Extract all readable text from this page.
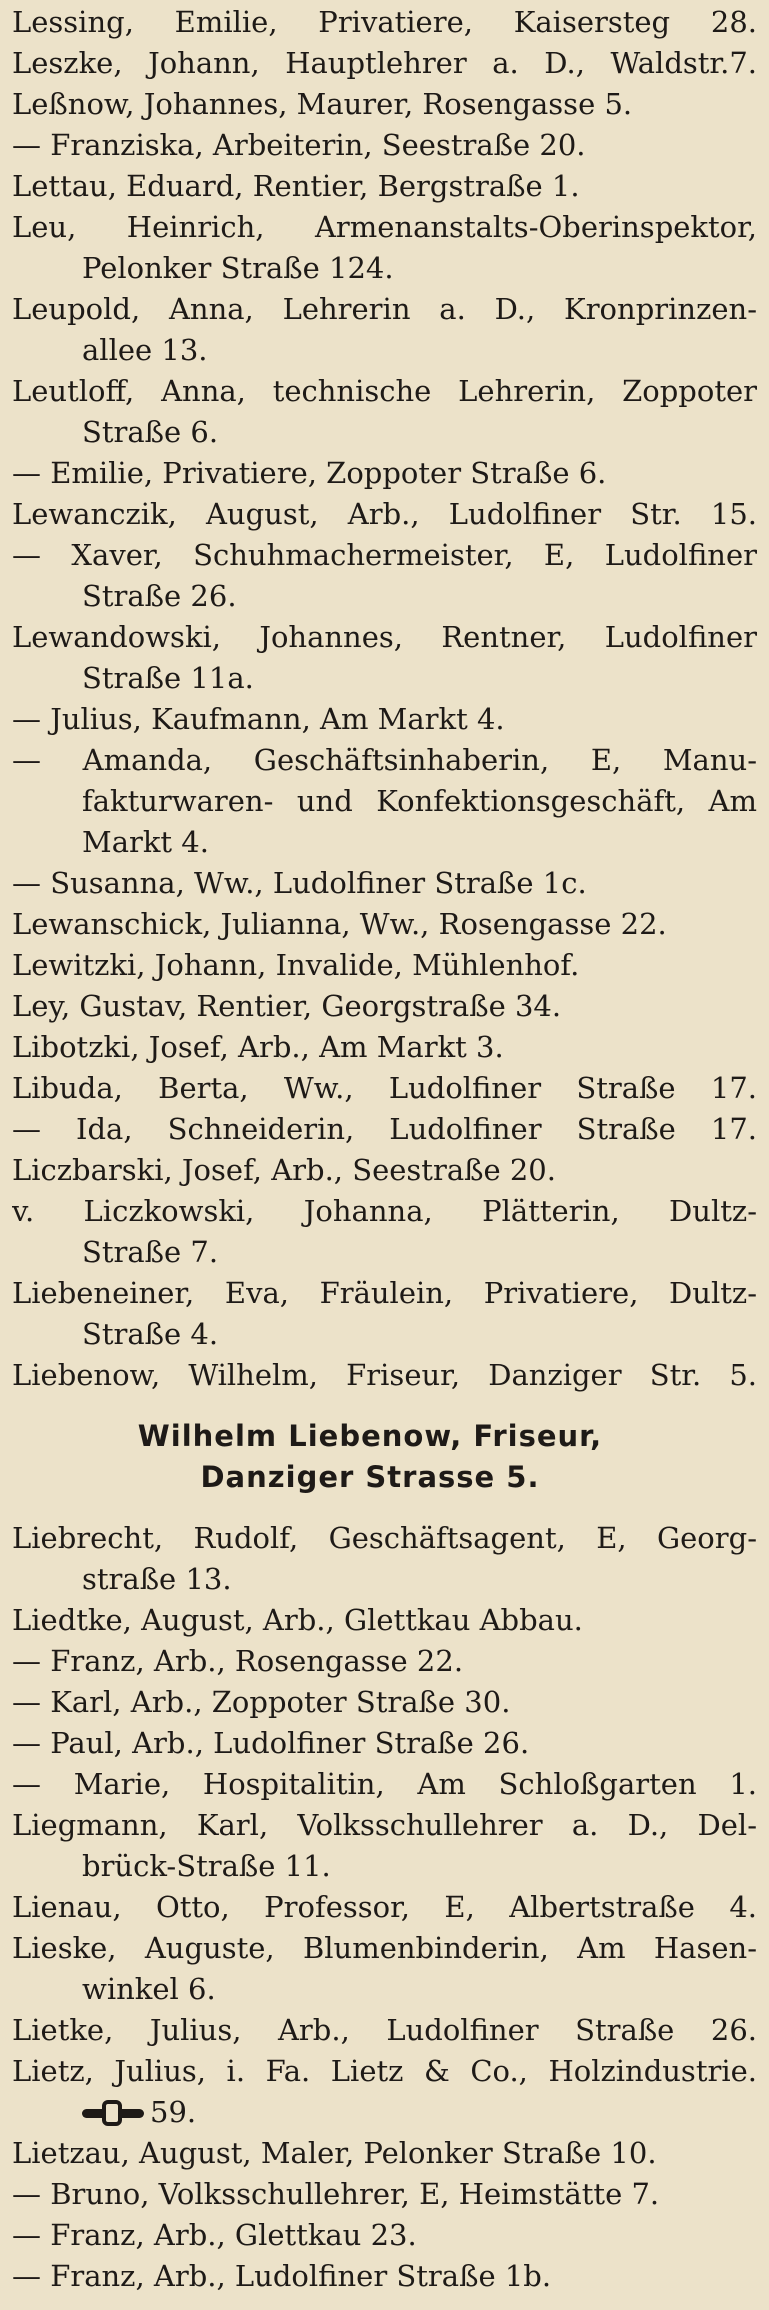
Lessing, Emilie, Privatiere, Kaisersteg 28.
Leszke, Johann, Hauptlehrer a. D., Waldstr.7.
Leßnow, Johannes, Maurer, Rosengasse 5.
— Franziska, Arbeiterin, Seestraße 20.
Lettau, Eduard, Rentier, Bergstraße 1.
Leu, Heinrich, Armenanstalts-Oberinspektor,
Pelonker Straße 124.
Leupold, Anna, Lehrerin a. D., Kronprinzen-
allee 13.
Leutloff, Anna, technische Lehrerin, Zoppoter
Straße 6.
— Emilie, Privatiere, Zoppoter Straße 6.
Lewanczik, August, Arb., Ludolfiner Str. 15.
— Xaver, Schuhmachermeister, E, Ludolfiner
Straße 26.
Lewandowski, Johannes, Rentner, Ludolfiner
Straße 11a.
— Julius, Kaufmann, Am Markt 4.
— Amanda, Geschäftsinhaberin, E, Manu-
fakturwaren- und Konfektionsgeschäft, Am
Markt 4.
— Susanna, Ww., Ludolfiner Straße 1c.
Lewanschick, Julianna, Ww., Rosengasse 22.
Lewitzki, Johann, Invalide, Mühlenhof.
Ley, Gustav, Rentier, Georgstraße 34.
Libotzki, Josef, Arb., Am Markt 3.
Libuda, Berta, Ww., Ludolfiner Straße 17.
— Ida, Schneiderin, Ludolfiner Straße 17.
Liczbarski, Josef, Arb., Seestraße 20.
v. Liczkowski, Johanna, Plätterin, Dultz-
Straße 7.
Liebeneiner, Eva, Fräulein, Privatiere, Dultz-
Straße 4.
Liebenow, Wilhelm, Friseur, Danziger Str. 5.
Wilhelm Liebenow, Friseur,
Danziger Strasse 5.
Liebrecht, Rudolf, Geschäftsagent, E, Georg-
straße 13.
Liedtke, August, Arb., Glettkau Abbau.
— Franz, Arb., Rosengasse 22.
— Karl, Arb., Zoppoter Straße 30.
— Paul, Arb., Ludolfiner Straße 26.
— Marie, Hospitalitin, Am Schloßgarten 1.
Liegmann, Karl, Volksschullehrer a. D., Del-
brück-Straße 11.
Lienau, Otto, Professor, E, Albertstraße 4.
Lieske, Auguste, Blumenbinderin, Am Hasen-
winkel 6.
Lietke, Julius, Arb., Ludolfiner Straße 26.
Lietz, Julius, i. Fa. Lietz & Co., Holzindustrie.
59.
Lietzau, August, Maler, Pelonker Straße 10.
— Bruno, Volksschullehrer, E, Heimstätte 7.
— Franz, Arb., Glettkau 23.
— Franz, Arb., Ludolfiner Straße 1b.
